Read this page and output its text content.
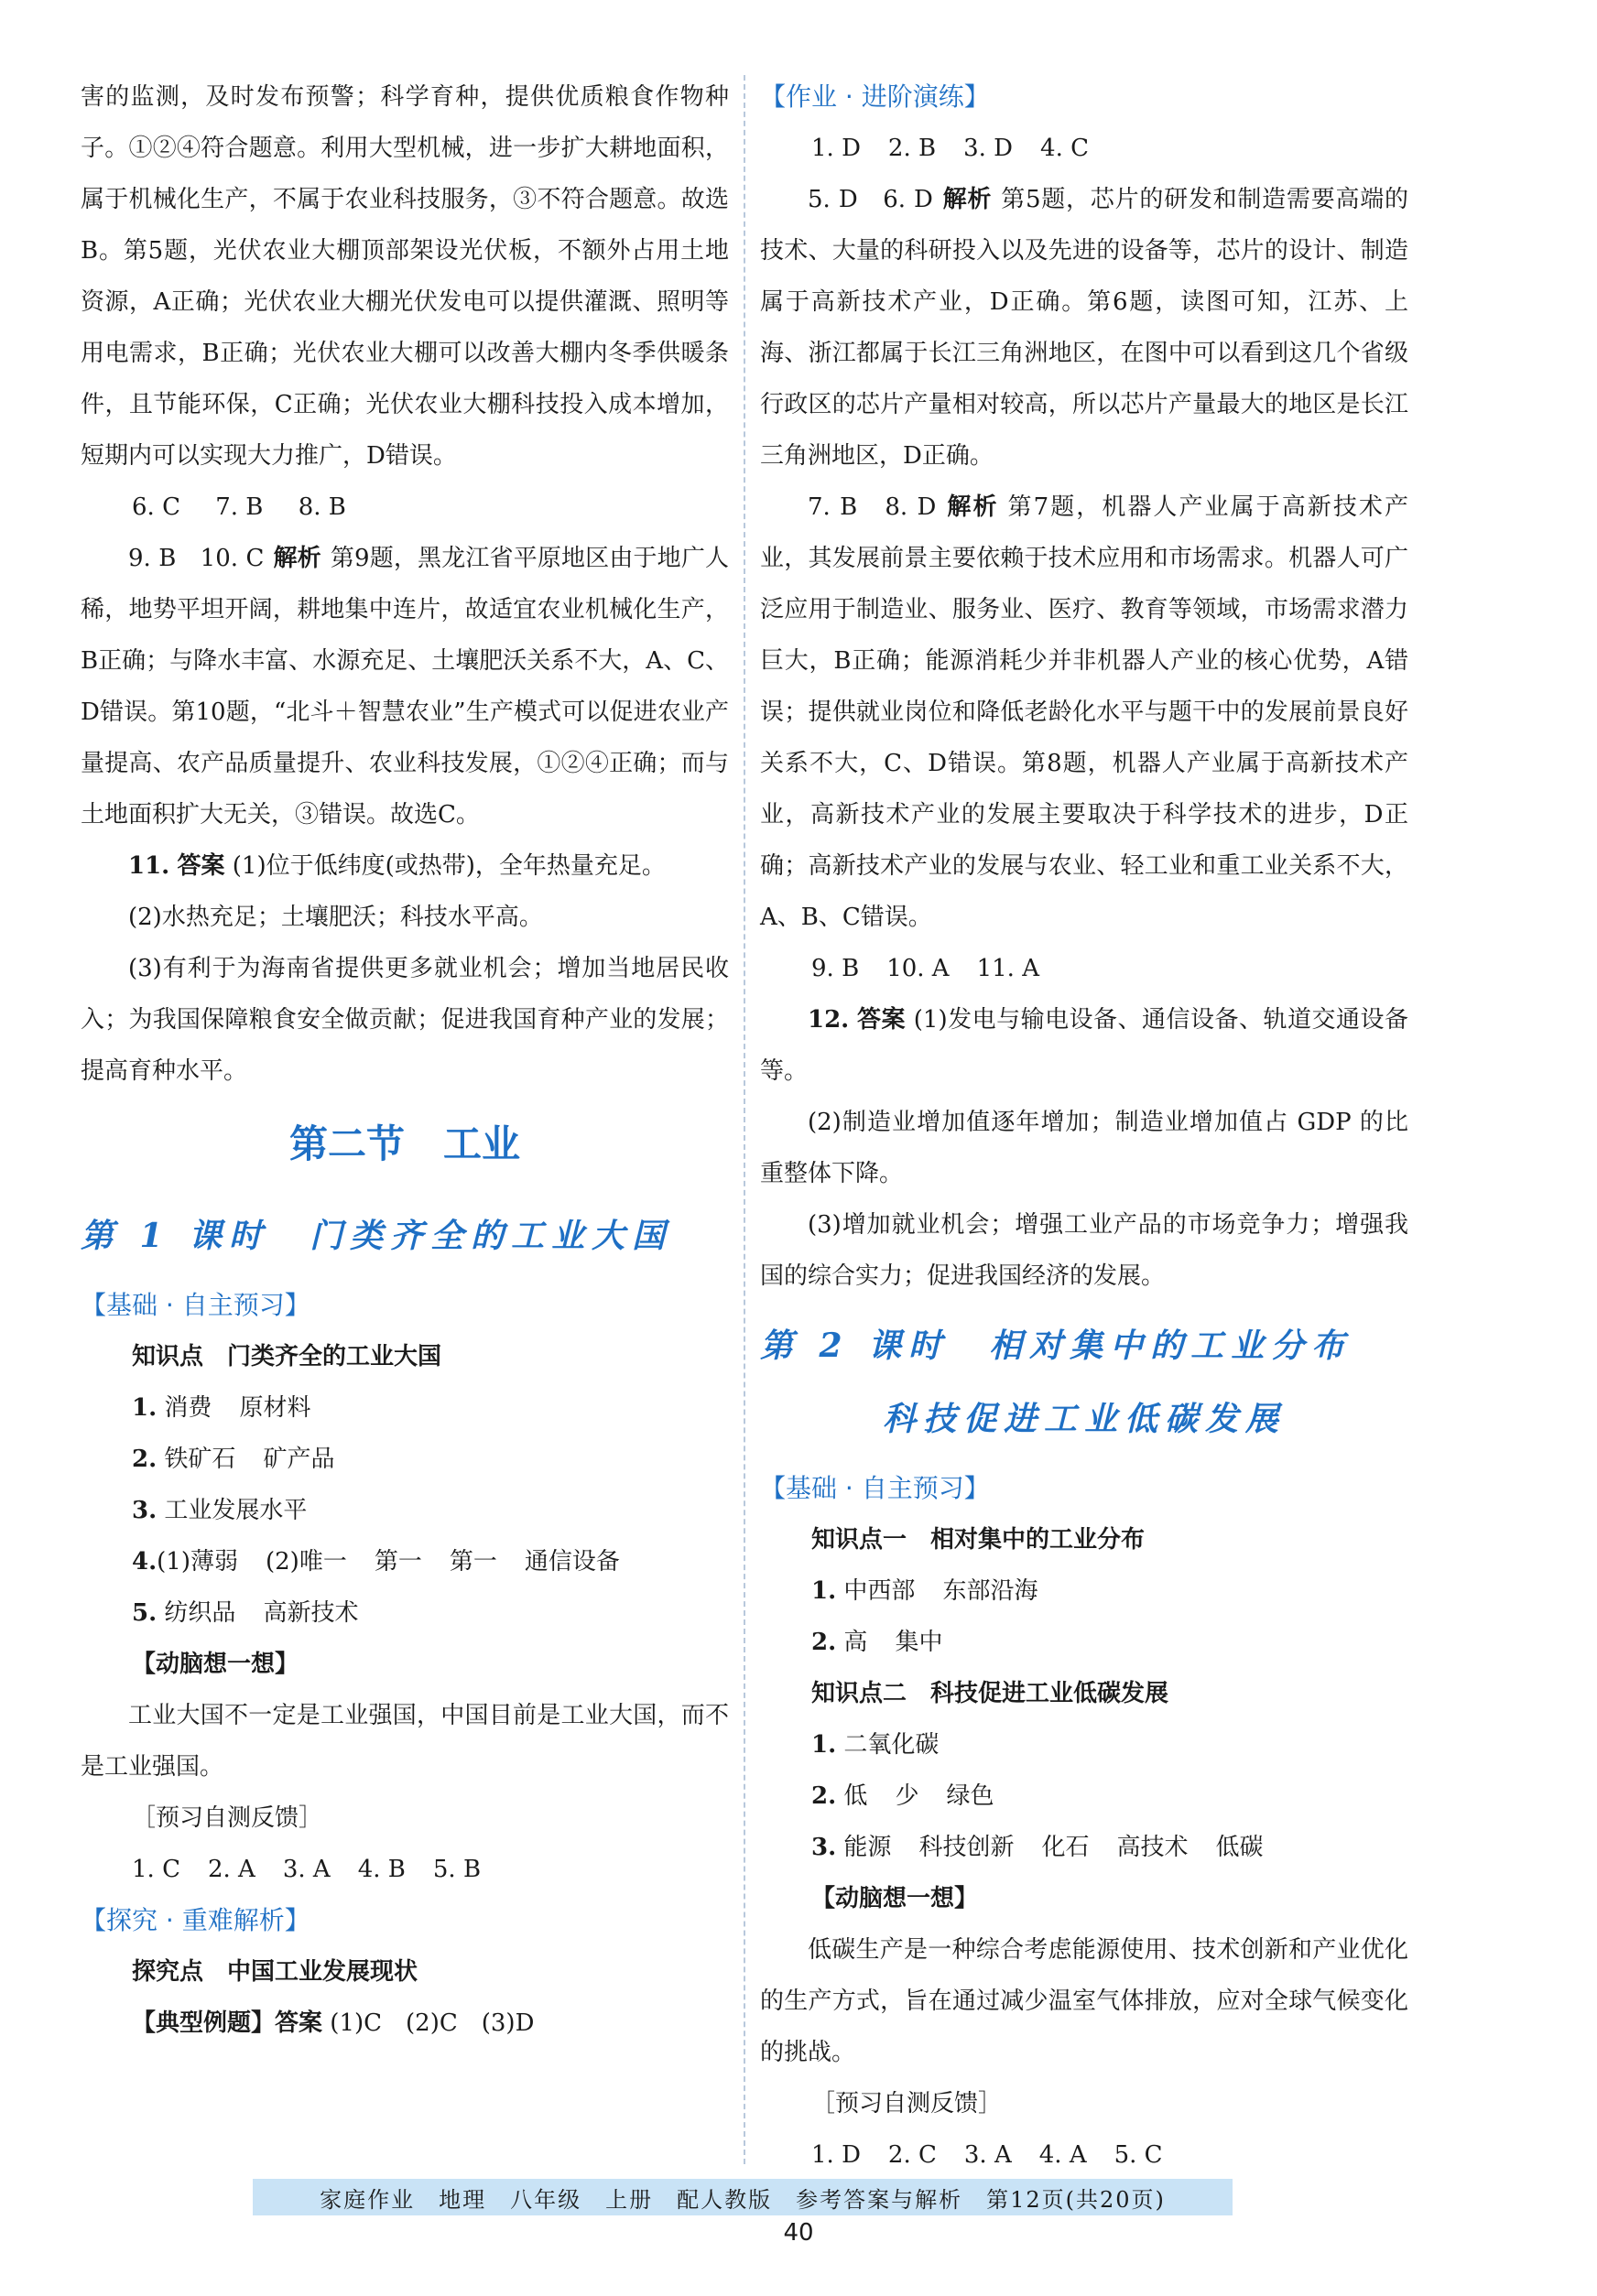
害的监测，及时发布预警；科学育种，提供优质粮食作物种子。①②④符合题意。利用大型机械，进一步扩大耕地面积，属于机械化生产，不属于农业科技服务，③不符合题意。故选B。第5题，光伏农业大棚顶部架设光伏板，不额外占用土地资源，A正确；光伏农业大棚光伏发电可以提供灌溉、照明等用电需求，B正确；光伏农业大棚可以改善大棚内冬季供暖条件，且节能环保，C正确；光伏农业大棚科技投入成本增加，短期内可以实现大力推广，D错误。

6. C 7. B 8. B

9. B　10. C 解析 第9题，黑龙江省平原地区由于地广人稀，地势平坦开阔，耕地集中连片，故适宜农业机械化生产，B正确；与降水丰富、水源充足、土壤肥沃关系不大，A、C、D错误。第10题，“北斗＋智慧农业”生产模式可以促进农业产量提高、农产品质量提升、农业科技发展，①②④正确；而与土地面积扩大无关，③错误。故选C。

11. 答案 (1)位于低纬度(或热带)，全年热量充足。

(2)水热充足；土壤肥沃；科技水平高。

(3)有利于为海南省提供更多就业机会；增加当地居民收入；为我国保障粮食安全做贡献；促进我国育种产业的发展；提高育种水平。

第二节　工业
第 1 课时　门类齐全的工业大国
【基础 · 自主预习】
知识点　门类齐全的工业大国
1. 消费 原材料
2. 铁矿石 矿产品
3. 工业发展水平
4.(1)薄弱 (2)唯一 第一 第一 通信设备
5. 纺织品 高新技术
【动脑想一想】

工业大国不一定是工业强国，中国目前是工业大国，而不是工业强国。

［预习自测反馈］
1. C 2. A 3. A 4. B 5. B
【探究 · 重难解析】
探究点　中国工业发展现状
【典型例题】答案 (1)C　(2)C　(3)D
【作业 · 进阶演练】
1. D 2. B 3. D 4. C

5. D　6. D 解析 第5题，芯片的研发和制造需要高端的技术、大量的科研投入以及先进的设备等，芯片的设计、制造属于高新技术产业，D正确。第6题，读图可知，江苏、上海、浙江都属于长江三角洲地区，在图中可以看到这几个省级行政区的芯片产量相对较高，所以芯片产量最大的地区是长江三角洲地区，D正确。

7. B　8. D 解析 第7题，机器人产业属于高新技术产业，其发展前景主要依赖于技术应用和市场需求。机器人可广泛应用于制造业、服务业、医疗、教育等领域，市场需求潜力巨大，B正确；能源消耗少并非机器人产业的核心优势，A错误；提供就业岗位和降低老龄化水平与题干中的发展前景良好关系不大，C、D错误。第8题，机器人产业属于高新技术产业，高新技术产业的发展主要取决于科学技术的进步，D正确；高新技术产业的发展与农业、轻工业和重工业关系不大，A、B、C错误。

9. B 10. A 11. A

12. 答案 (1)发电与输电设备、通信设备、轨道交通设备等。

(2)制造业增加值逐年增加；制造业增加值占 GDP 的比重整体下降。

(3)增加就业机会；增强工业产品的市场竞争力；增强我国的综合实力；促进我国经济的发展。

第 2 课时　相对集中的工业分布
科技促进工业低碳发展
【基础 · 自主预习】
知识点一　相对集中的工业分布
1. 中西部 东部沿海
2. 高 集中
知识点二　科技促进工业低碳发展
1. 二氧化碳
2. 低 少 绿色
3. 能源 科技创新 化石 高技术 低碳
【动脑想一想】

低碳生产是一种综合考虑能源使用、技术创新和产业优化的生产方式，旨在通过减少温室气体排放，应对全球气候变化的挑战。

［预习自测反馈］
1. D 2. C 3. A 4. A 5. C
家庭作业　地理　八年级　上册　配人教版　参考答案与解析　第12页(共20页)
40
